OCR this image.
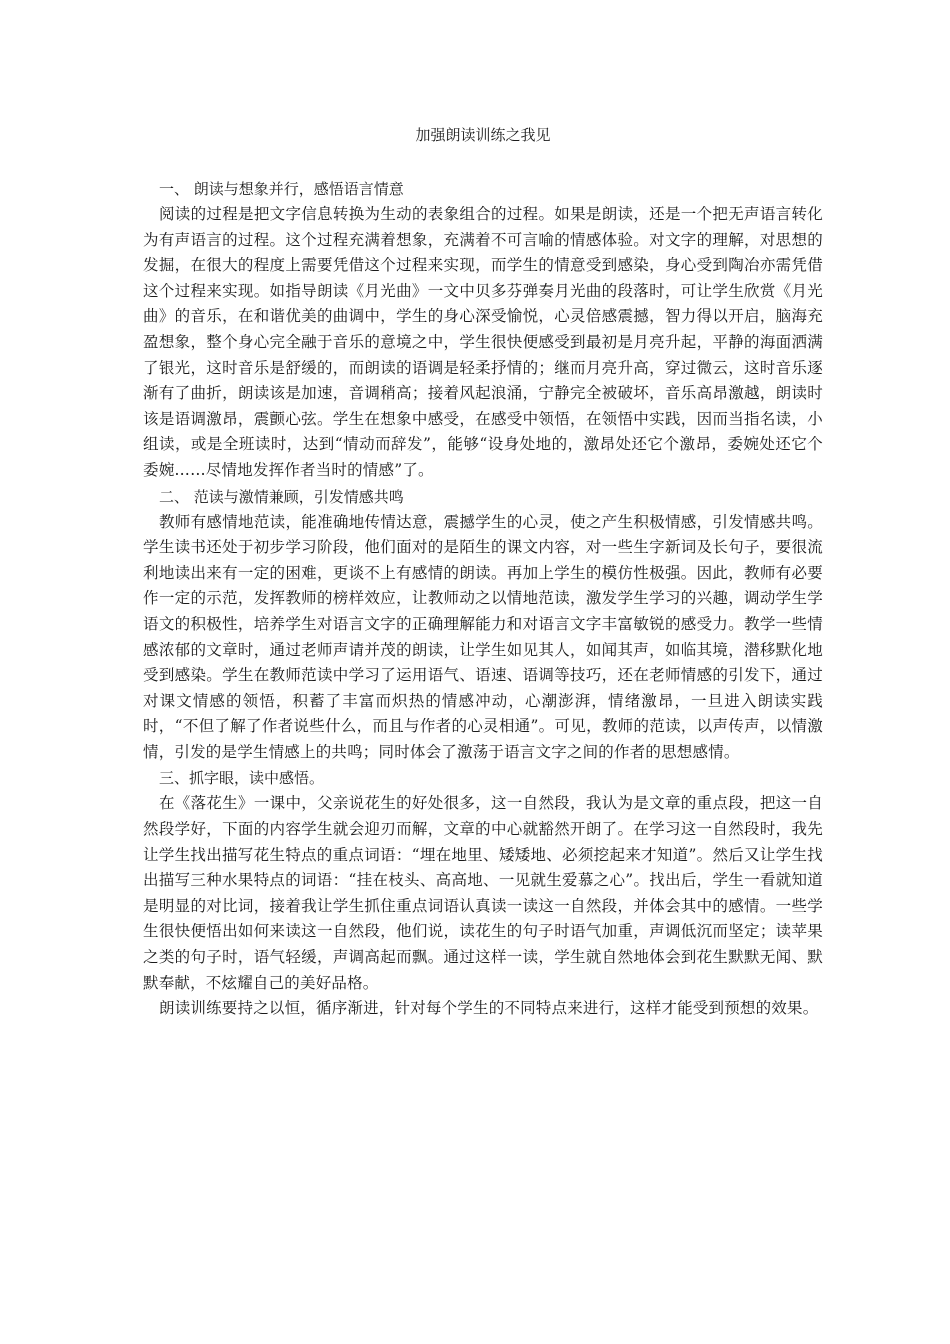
加强朗读训练之我见

一、 朗读与想象并行，感悟语言情意

阅读的过程是把文字信息转换为生动的表象组合的过程。如果是朗读，还是一个把无声语言转化为有声语言的过程。这个过程充满着想象，充满着不可言喻的情感体验。对文字的理解，对思想的发掘，在很大的程度上需要凭借这个过程来实现，而学生的情意受到感染，身心受到陶冶亦需凭借这个过程来实现。如指导朗读《月光曲》一文中贝多芬弹奏月光曲的段落时，可让学生欣赏《月光曲》的音乐，在和谐优美的曲调中，学生的身心深受愉悦，心灵倍感震撼，智力得以开启，脑海充盈想象，整个身心完全融于音乐的意境之中，学生很快便感受到最初是月亮升起，平静的海面洒满了银光，这时音乐是舒缓的，而朗读的语调是轻柔抒情的；继而月亮升高，穿过微云，这时音乐逐渐有了曲折，朗读该是加速，音调稍高；接着风起浪涌，宁静完全被破坏，音乐高昂激越，朗读时该是语调激昂，震颤心弦。学生在想象中感受，在感受中领悟，在领悟中实践，因而当指名读，小组读，或是全班读时，达到“情动而辞发”，能够“设身处地的，激昂处还它个激昂，委婉处还它个委婉……尽情地发挥作者当时的情感”了。

二、 范读与激情兼顾，引发情感共鸣

教师有感情地范读，能准确地传情达意，震撼学生的心灵，使之产生积极情感，引发情感共鸣。学生读书还处于初步学习阶段，他们面对的是陌生的课文内容，对一些生字新词及长句子，要很流利地读出来有一定的困难，更谈不上有感情的朗读。再加上学生的模仿性极强。因此，教师有必要作一定的示范，发挥教师的榜样效应，让教师动之以情地范读，激发学生学习的兴趣，调动学生学语文的积极性，培养学生对语言文字的正确理解能力和对语言文字丰富敏锐的感受力。教学一些情感浓郁的文章时，通过老师声请并茂的朗读，让学生如见其人，如闻其声，如临其境，潜移默化地受到感染。学生在教师范读中学习了运用语气、语速、语调等技巧，还在老师情感的引发下，通过对课文情感的领悟，积蓄了丰富而炽热的情感冲动，心潮澎湃，情绪激昂，一旦进入朗读实践时，“不但了解了作者说些什么，而且与作者的心灵相通”。可见，教师的范读，以声传声，以情激情，引发的是学生情感上的共鸣；同时体会了激荡于语言文字之间的作者的思想感情。

三、抓字眼，读中感悟。

在《落花生》一课中，父亲说花生的好处很多，这一自然段，我认为是文章的重点段，把这一自然段学好，下面的内容学生就会迎刃而解，文章的中心就豁然开朗了。在学习这一自然段时，我先让学生找出描写花生特点的重点词语：“埋在地里、矮矮地、必须挖起来才知道”。然后又让学生找出描写三种水果特点的词语：“挂在枝头、高高地、一见就生爱慕之心”。找出后，学生一看就知道是明显的对比词，接着我让学生抓住重点词语认真读一读这一自然段，并体会其中的感情。一些学生很快便悟出如何来读这一自然段，他们说，读花生的句子时语气加重，声调低沉而坚定；读苹果之类的句子时，语气轻缓，声调高起而飘。通过这样一读，学生就自然地体会到花生默默无闻、默默奉献，不炫耀自己的美好品格。

朗读训练要持之以恒，循序渐进，针对每个学生的不同特点来进行，这样才能受到预想的效果。
